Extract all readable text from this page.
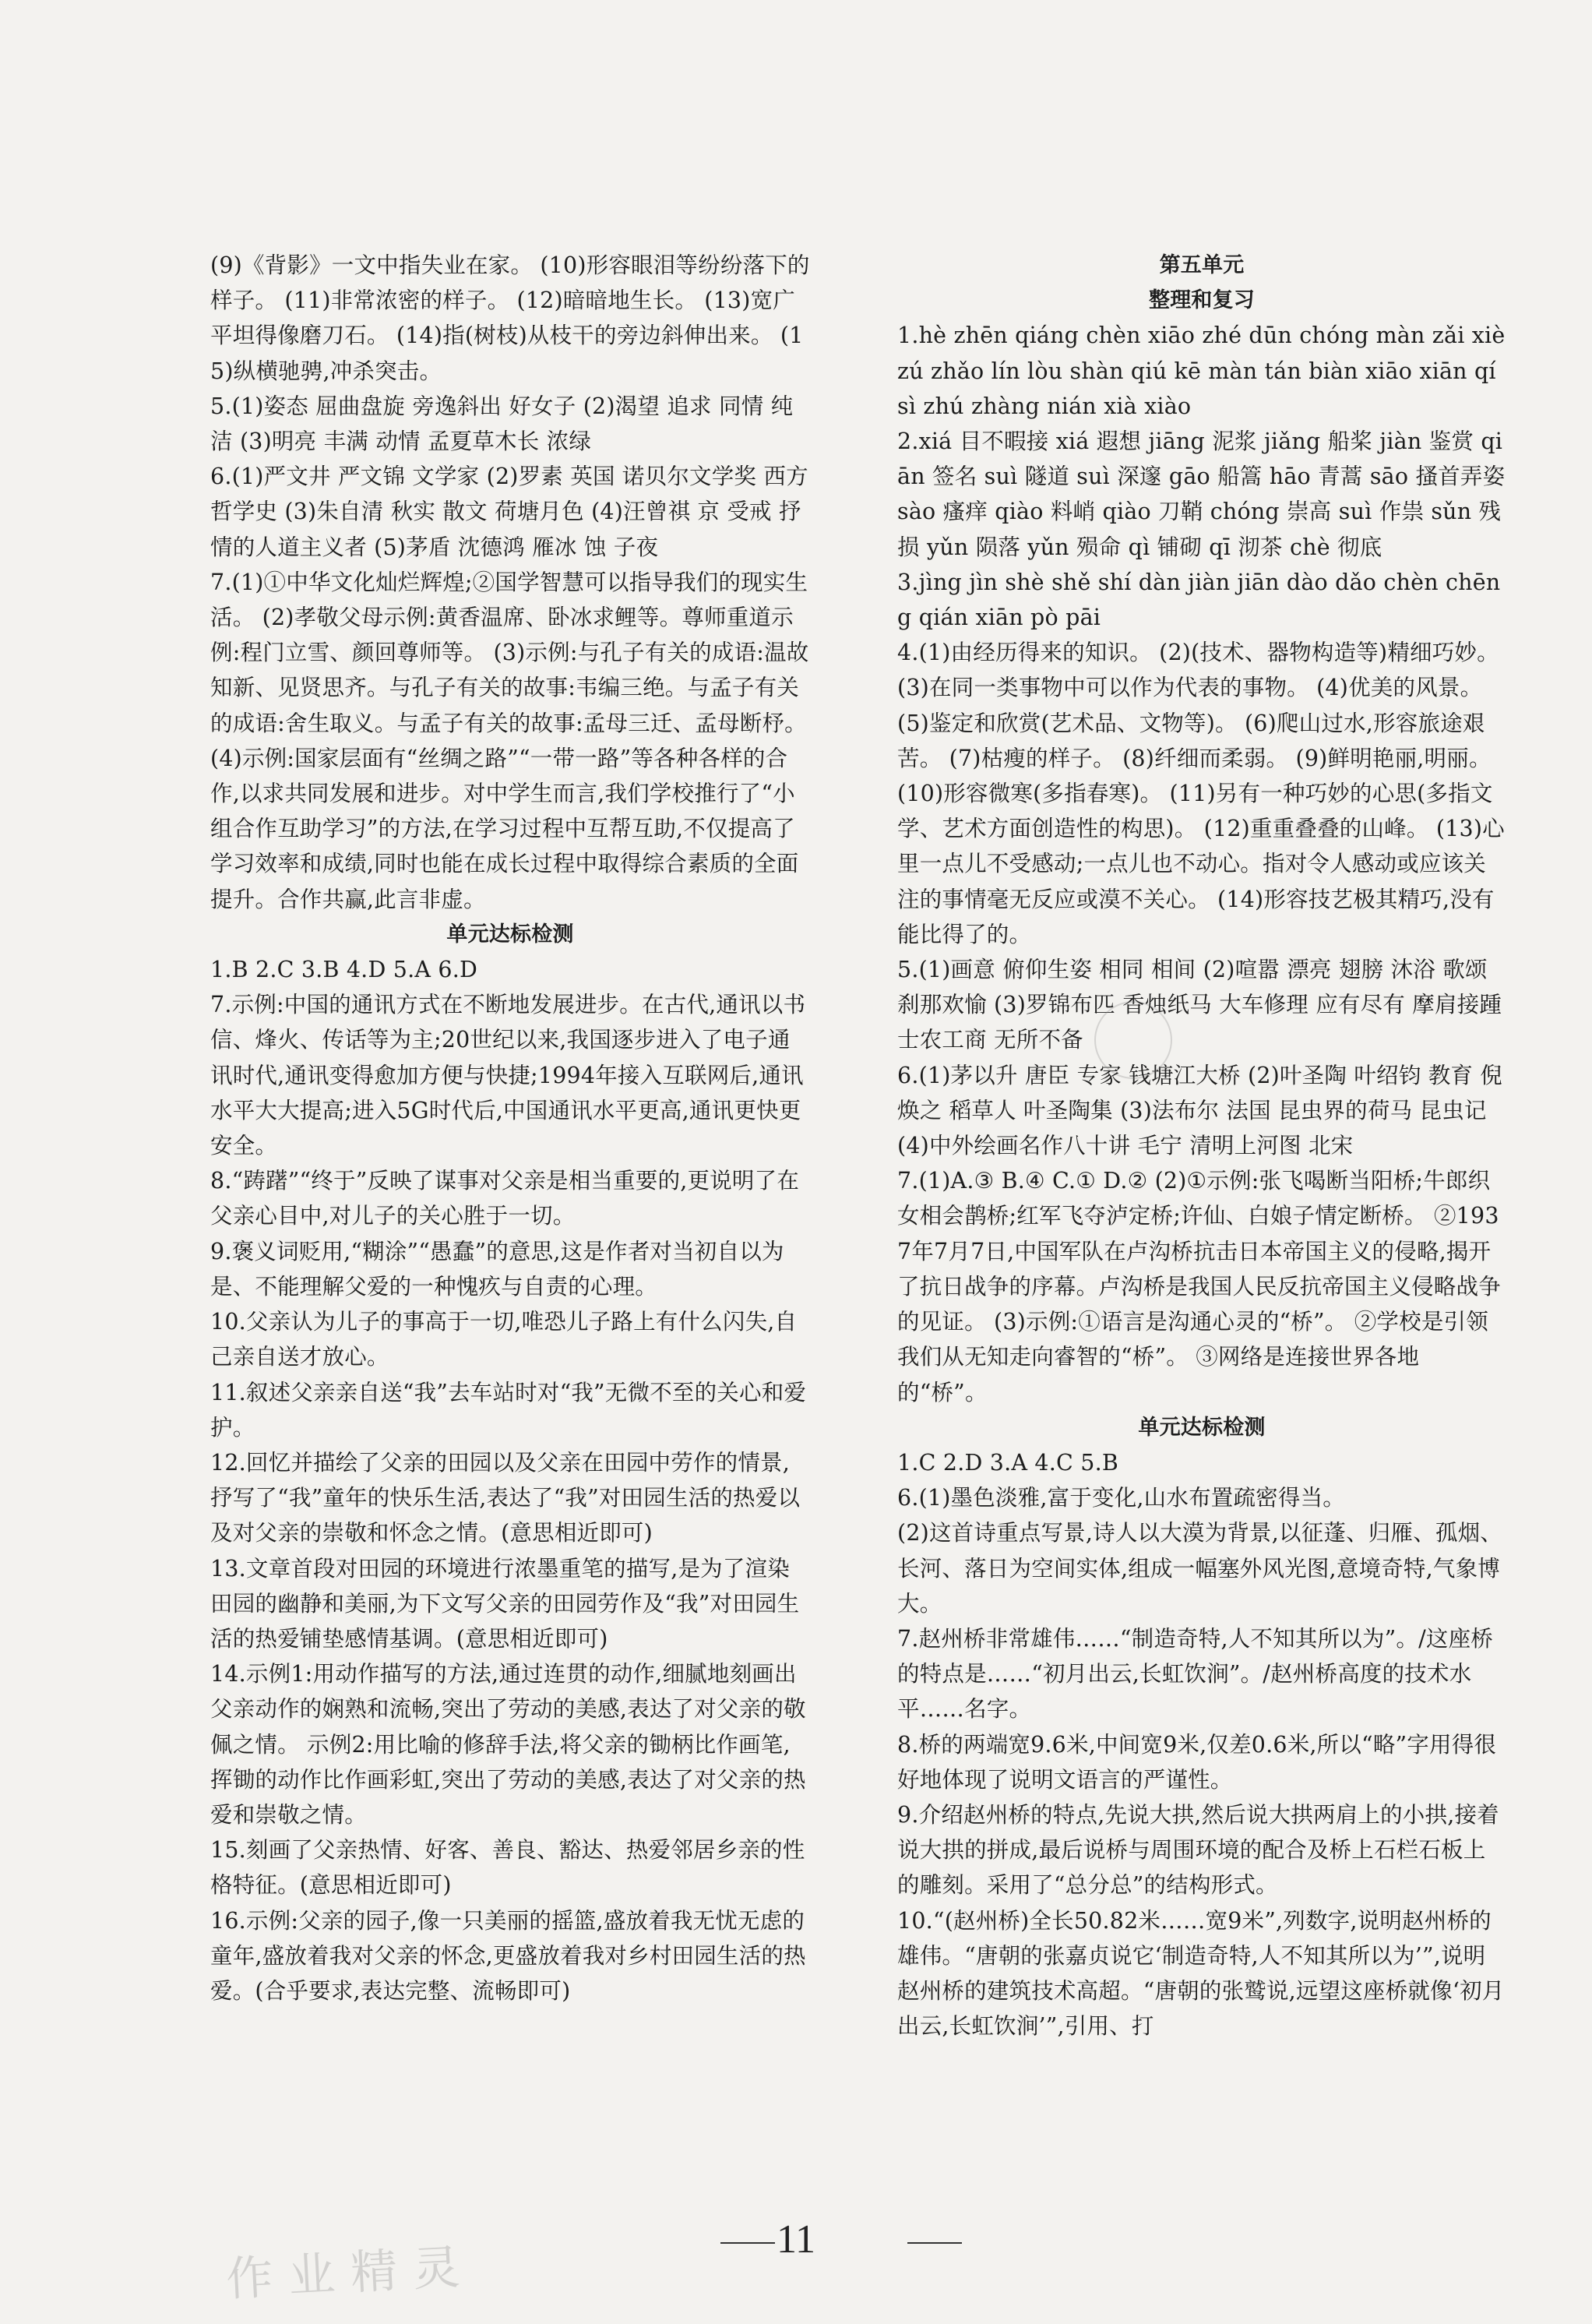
(9)《背影》一文中指失业在家。 (10)形容眼泪等纷纷落下的样子。 (11)非常浓密的样子。 (12)暗暗地生长。 (13)宽广平坦得像磨刀石。 (14)指(树枝)从枝干的旁边斜伸出来。 (15)纵横驰骋,冲杀突击。

5.(1)姿态 屈曲盘旋 旁逸斜出 好女子 (2)渴望 追求 同情 纯洁 (3)明亮 丰满 动情 孟夏草木长 浓绿

6.(1)严文井 严文锦 文学家 (2)罗素 英国 诺贝尔文学奖 西方哲学史 (3)朱自清 秋实 散文 荷塘月色 (4)汪曾祺 京 受戒 抒情的人道主义者 (5)茅盾 沈德鸿 雁冰 蚀 子夜

7.(1)①中华文化灿烂辉煌;②国学智慧可以指导我们的现实生活。 (2)孝敬父母示例:黄香温席、卧冰求鲤等。尊师重道示例:程门立雪、颜回尊师等。 (3)示例:与孔子有关的成语:温故知新、见贤思齐。与孔子有关的故事:韦编三绝。与孟子有关的成语:舍生取义。与孟子有关的故事:孟母三迁、孟母断杼。 (4)示例:国家层面有“丝绸之路”“一带一路”等各种各样的合作,以求共同发展和进步。对中学生而言,我们学校推行了“小组合作互助学习”的方法,在学习过程中互帮互助,不仅提高了学习效率和成绩,同时也能在成长过程中取得综合素质的全面提升。合作共赢,此言非虚。

单元达标检测

1.B 2.C 3.B 4.D 5.A 6.D

7.示例:中国的通讯方式在不断地发展进步。在古代,通讯以书信、烽火、传话等为主;20世纪以来,我国逐步进入了电子通讯时代,通讯变得愈加方便与快捷;1994年接入互联网后,通讯水平大大提高;进入5G时代后,中国通讯水平更高,通讯更快更安全。

8.“踌躇”“终于”反映了谋事对父亲是相当重要的,更说明了在父亲心目中,对儿子的关心胜于一切。

9.褒义词贬用,“糊涂”“愚蠢”的意思,这是作者对当初自以为是、不能理解父爱的一种愧疚与自责的心理。

10.父亲认为儿子的事高于一切,唯恐儿子路上有什么闪失,自己亲自送才放心。

11.叙述父亲亲自送“我”去车站时对“我”无微不至的关心和爱护。

12.回忆并描绘了父亲的田园以及父亲在田园中劳作的情景,抒写了“我”童年的快乐生活,表达了“我”对田园生活的热爱以及对父亲的崇敬和怀念之情。(意思相近即可)

13.文章首段对田园的环境进行浓墨重笔的描写,是为了渲染田园的幽静和美丽,为下文写父亲的田园劳作及“我”对田园生活的热爱铺垫感情基调。(意思相近即可)

14.示例1:用动作描写的方法,通过连贯的动作,细腻地刻画出父亲动作的娴熟和流畅,突出了劳动的美感,表达了对父亲的敬佩之情。 示例2:用比喻的修辞手法,将父亲的锄柄比作画笔,挥锄的动作比作画彩虹,突出了劳动的美感,表达了对父亲的热爱和崇敬之情。

15.刻画了父亲热情、好客、善良、豁达、热爱邻居乡亲的性格特征。(意思相近即可)

16.示例:父亲的园子,像一只美丽的摇篮,盛放着我无忧无虑的童年,盛放着我对父亲的怀念,更盛放着我对乡村田园生活的热爱。(合乎要求,表达完整、流畅即可)

第五单元

整理和复习

1.hè zhēn qiáng chèn xiāo zhé dūn chóng màn zǎi xiè zú zhǎo lín lòu shàn qiú kē màn tán biàn xiāo xiān qí sì zhú zhàng nián xià xiào

2.xiá 目不暇接 xiá 遐想 jiāng 泥浆 jiǎng 船桨 jiàn 鉴赏 qiān 签名 suì 隧道 suì 深邃 gāo 船篙 hāo 青蒿 sāo 搔首弄姿 sào 瘙痒 qiào 料峭 qiào 刀鞘 chóng 崇高 suì 作祟 sǔn 残损 yǔn 陨落 yǔn 殒命 qì 铺砌 qī 沏茶 chè 彻底

3.jìng jìn shè shě shí dàn jiàn jiān dào dǎo chèn chēng qián xiān pò pāi

4.(1)由经历得来的知识。 (2)(技术、器物构造等)精细巧妙。 (3)在同一类事物中可以作为代表的事物。 (4)优美的风景。 (5)鉴定和欣赏(艺术品、文物等)。 (6)爬山过水,形容旅途艰苦。 (7)枯瘦的样子。 (8)纤细而柔弱。 (9)鲜明艳丽,明丽。 (10)形容微寒(多指春寒)。 (11)另有一种巧妙的心思(多指文学、艺术方面创造性的构思)。 (12)重重叠叠的山峰。 (13)心里一点儿不受感动;一点儿也不动心。指对令人感动或应该关注的事情毫无反应或漠不关心。 (14)形容技艺极其精巧,没有能比得了的。

5.(1)画意 俯仰生姿 相同 相间 (2)喧嚣 漂亮 翅膀 沐浴 歌颂 刹那欢愉 (3)罗锦布匹 香烛纸马 大车修理 应有尽有 摩肩接踵 士农工商 无所不备

6.(1)茅以升 唐臣 专家 钱塘江大桥 (2)叶圣陶 叶绍钧 教育 倪焕之 稻草人 叶圣陶集 (3)法布尔 法国 昆虫界的荷马 昆虫记 (4)中外绘画名作八十讲 毛宁 清明上河图 北宋

7.(1)A.③ B.④ C.① D.② (2)①示例:张飞喝断当阳桥;牛郎织女相会鹊桥;红军飞夺泸定桥;许仙、白娘子情定断桥。 ②1937年7月7日,中国军队在卢沟桥抗击日本帝国主义的侵略,揭开了抗日战争的序幕。卢沟桥是我国人民反抗帝国主义侵略战争的见证。 (3)示例:①语言是沟通心灵的“桥”。 ②学校是引领我们从无知走向睿智的“桥”。 ③网络是连接世界各地的“桥”。

单元达标检测

1.C 2.D 3.A 4.C 5.B

6.(1)墨色淡雅,富于变化,山水布置疏密得当。

(2)这首诗重点写景,诗人以大漠为背景,以征蓬、归雁、孤烟、长河、落日为空间实体,组成一幅塞外风光图,意境奇特,气象博大。

7.赵州桥非常雄伟……“制造奇特,人不知其所以为”。/这座桥的特点是……“初月出云,长虹饮涧”。/赵州桥高度的技术水平……名字。

8.桥的两端宽9.6米,中间宽9米,仅差0.6米,所以“略”字用得很好地体现了说明文语言的严谨性。

9.介绍赵州桥的特点,先说大拱,然后说大拱两肩上的小拱,接着说大拱的拼成,最后说桥与周围环境的配合及桥上石栏石板上的雕刻。采用了“总分总”的结构形式。

10.“(赵州桥)全长50.82米……宽9米”,列数字,说明赵州桥的雄伟。“唐朝的张嘉贞说它‘制造奇特,人不知其所以为’”,说明赵州桥的建筑技术高超。“唐朝的张鹫说,远望这座桥就像‘初月出云,长虹饮涧’”,引用、打

11
作业精灵
